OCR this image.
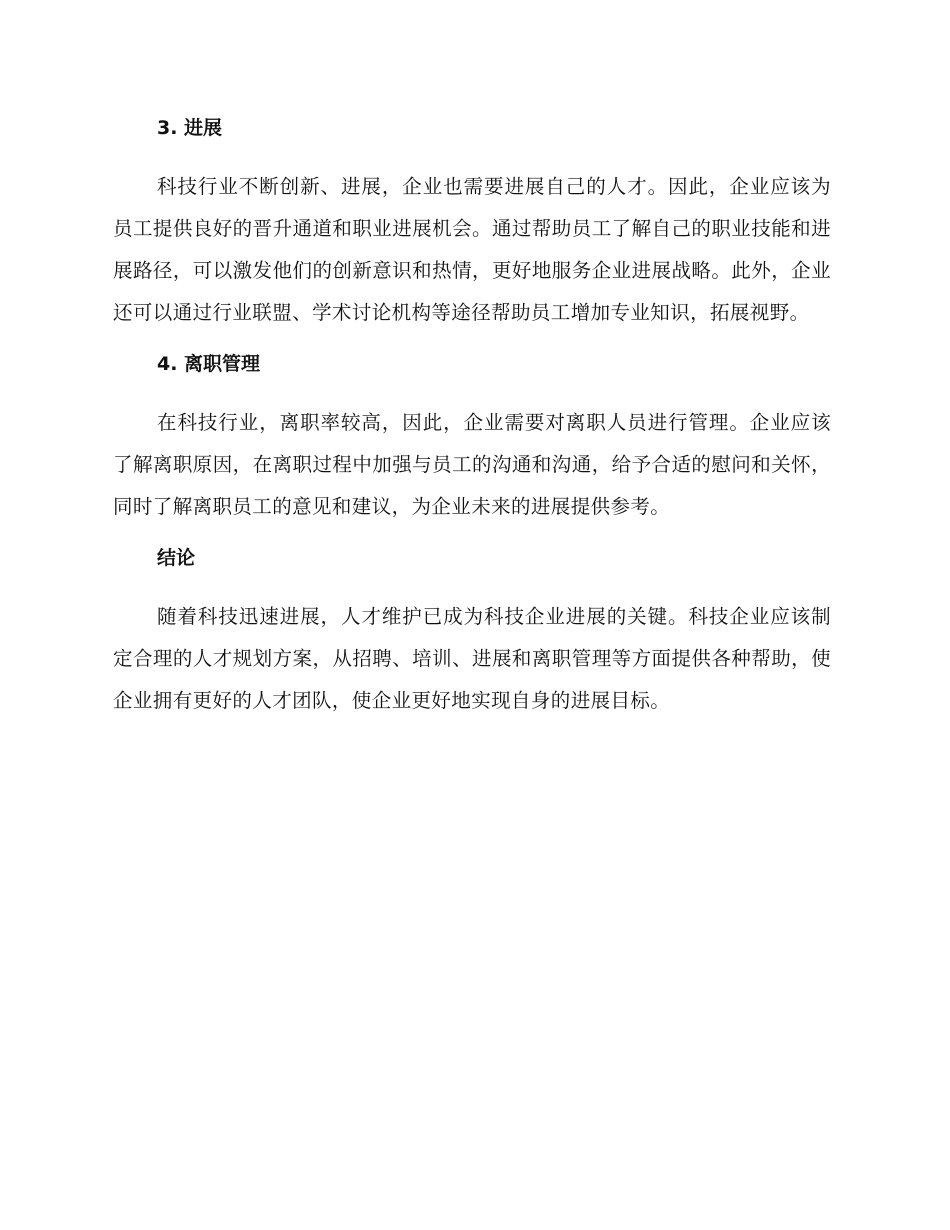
3. 进展

科技行业不断创新、进展，企业也需要进展自己的人才。因此，企业应该为员工提供良好的晋升通道和职业进展机会。通过帮助员工了解自己的职业技能和进展路径，可以激发他们的创新意识和热情，更好地服务企业进展战略。此外，企业还可以通过行业联盟、学术讨论机构等途径帮助员工增加专业知识，拓展视野。

4. 离职管理

在科技行业，离职率较高，因此，企业需要对离职人员进行管理。企业应该了解离职原因，在离职过程中加强与员工的沟通和沟通，给予合适的慰问和关怀，同时了解离职员工的意见和建议，为企业未来的进展提供参考。

结论

随着科技迅速进展，人才维护已成为科技企业进展的关键。科技企业应该制定合理的人才规划方案，从招聘、培训、进展和离职管理等方面提供各种帮助，使企业拥有更好的人才团队，使企业更好地实现自身的进展目标。
